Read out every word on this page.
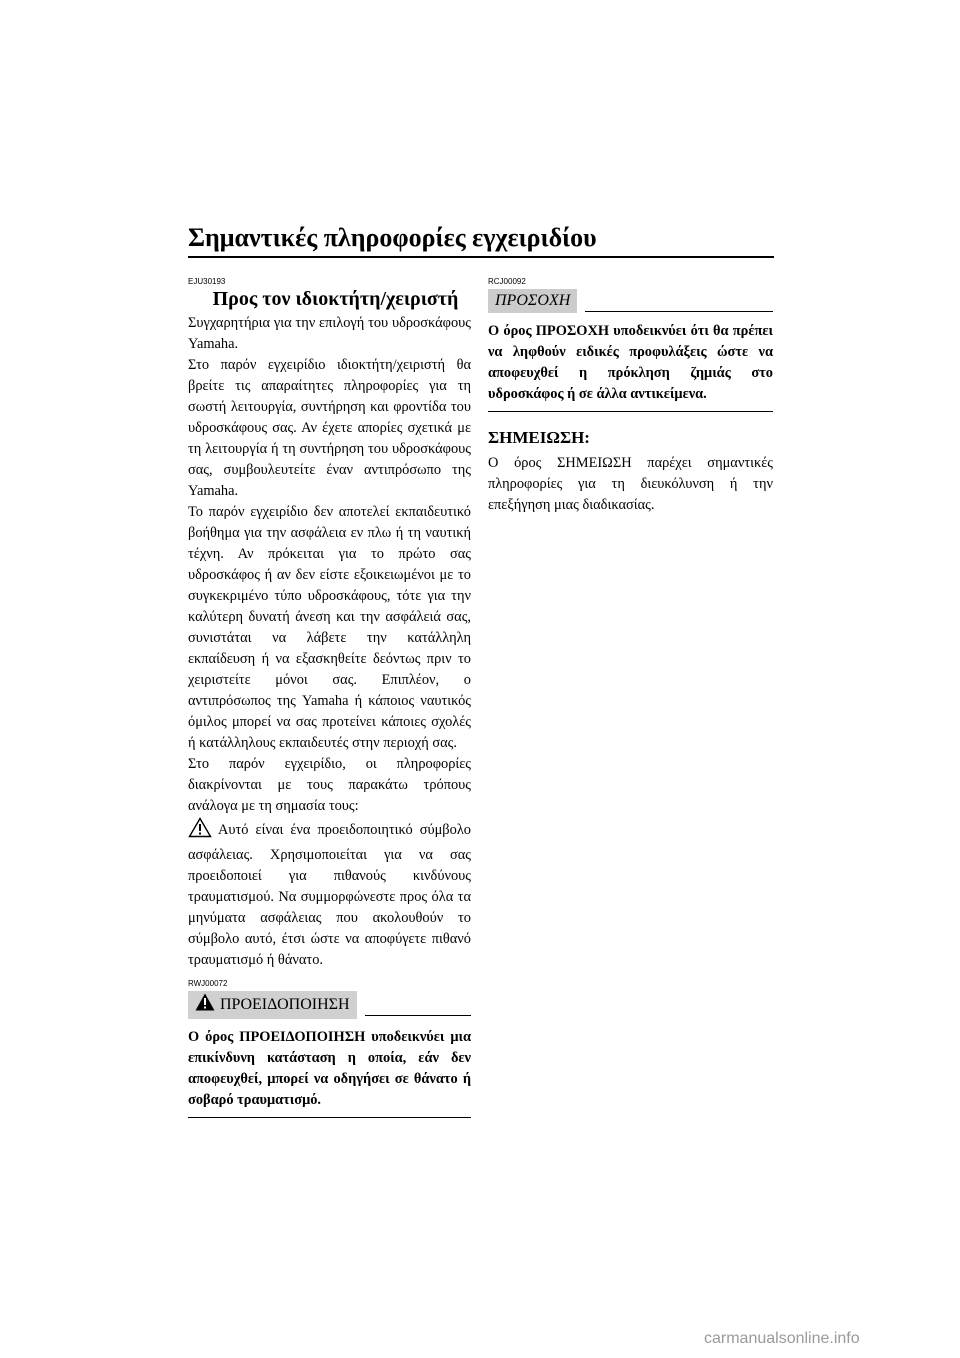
Σημαντικές πληροφορίες εγχειριδίου
EJU30193
Προς τον ιδιοκτήτη/χειριστή

Συγχαρητήρια για την επιλογή του υδροσκάφους Yamaha.

Στο παρόν εγχειρίδιο ιδιοκτήτη/χειριστή θα βρείτε τις απαραίτητες πληροφορίες για τη σωστή λειτουργία, συντήρηση και φροντίδα του υδροσκάφους σας. Αν έχετε απορίες σχετικά με τη λειτουργία ή τη συντήρηση του υδροσκάφους σας, συμβουλευτείτε έναν αντιπρόσωπο της Yamaha.

Το παρόν εγχειρίδιο δεν αποτελεί εκπαιδευτικό βοήθημα για την ασφάλεια εν πλω ή τη ναυτική τέχνη. Αν πρόκειται για το πρώτο σας υδροσκάφος ή αν δεν είστε εξοικειωμένοι με το συγκεκριμένο τύπο υδροσκάφους, τότε για την καλύτερη δυνατή άνεση και την ασφάλειά σας, συνιστάται να λάβετε την κατάλληλη εκπαίδευση ή να εξασκηθείτε δεόντως πριν το χειριστείτε μόνοι σας. Επιπλέον, ο αντιπρόσωπος της Yamaha ή κάποιος ναυτικός όμιλος μπορεί να σας προτείνει κάποιες σχολές ή κατάλληλους εκπαιδευτές στην περιοχή σας.

Στο παρόν εγχειρίδιο, οι πληροφορίες διακρίνονται με τους παρακάτω τρόπους ανάλογα με τη σημασία τους:

Αυτό είναι ένα προειδοποιητικό σύμβολο ασφάλειας. Χρησιμοποιείται για να σας προειδοποιεί για πιθανούς κινδύνους τραυματισμού. Να συμμορφώνεστε προς όλα τα μηνύματα ασφάλειας που ακολουθούν το σύμβολο αυτό, έτσι ώστε να αποφύγετε πιθανό τραυματισμό ή θάνατο.

RWJ00072
ΠΡΟΕΙΔΟΠΟΙΗΣΗ

Ο όρος ΠΡΟΕΙΔΟΠΟΙΗΣΗ υποδεικνύει μια επικίνδυνη κατάσταση η οποία, εάν δεν αποφευχθεί, μπορεί να οδηγήσει σε θάνατο ή σοβαρό τραυματισμό.

RCJ00092
ΠΡΟΣΟΧΗ

Ο όρος ΠΡΟΣΟΧΗ υποδεικνύει ότι θα πρέπει να ληφθούν ειδικές προφυλάξεις ώστε να αποφευχθεί η πρόκληση ζημιάς στο υδροσκάφος ή σε άλλα αντικείμενα.

ΣΗΜΕΙΩΣΗ:

Ο όρος ΣΗΜΕΙΩΣΗ παρέχει σημαντικές πληροφορίες για τη διευκόλυνση ή την επεξήγηση μιας διαδικασίας.

carmanualsonline.info
